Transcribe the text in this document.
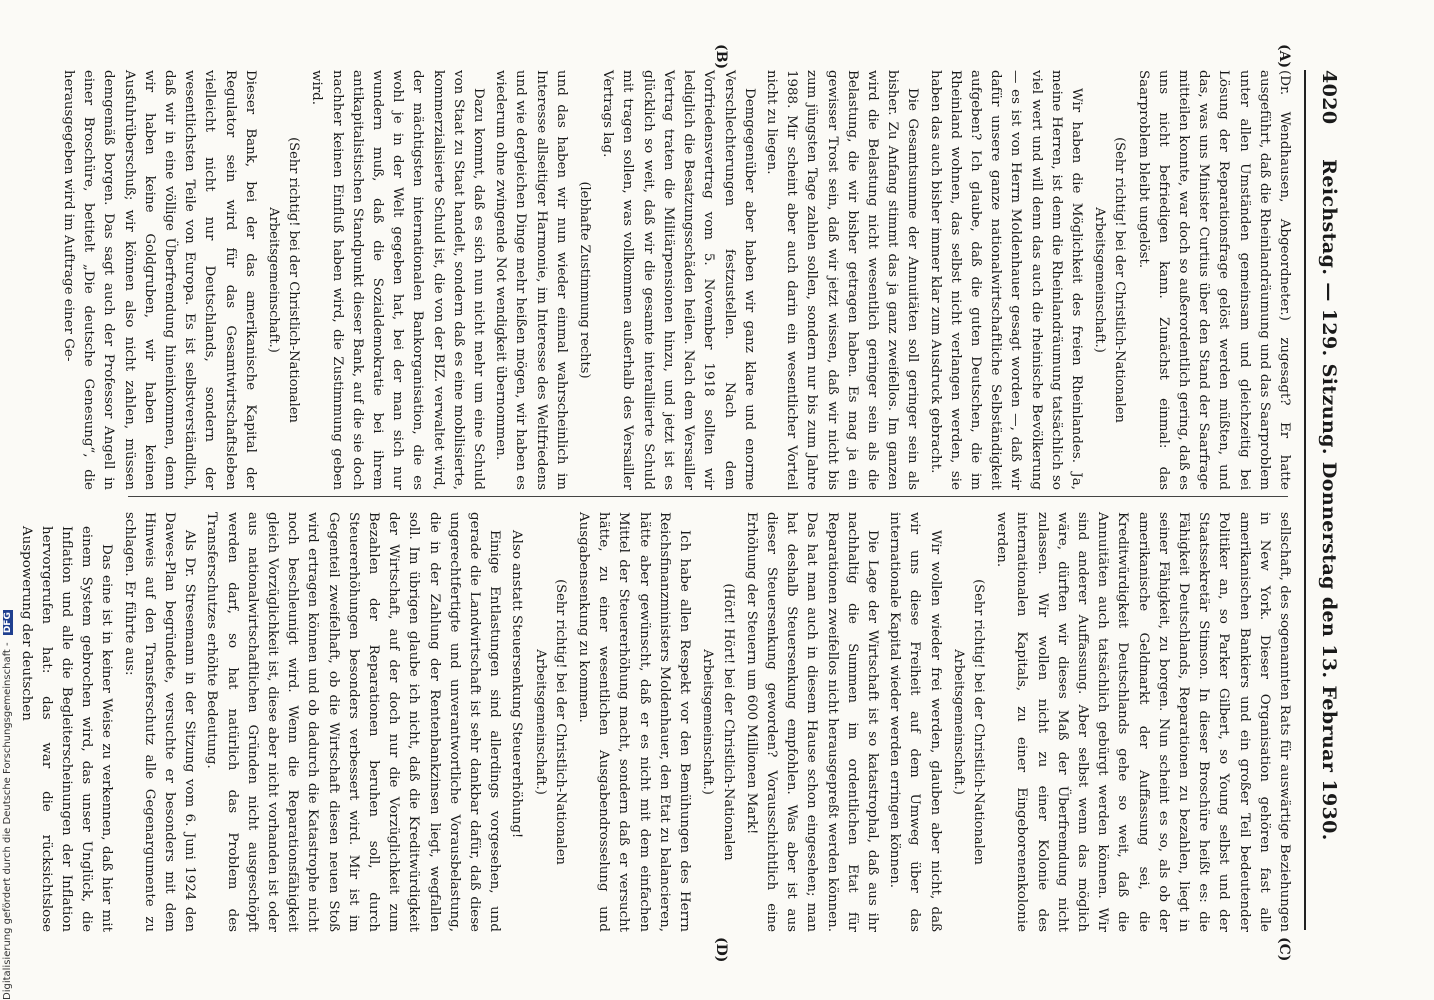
4020
Reichstag. — 129. Sitzung. Donnerstag den 13. Februar 1930.
(A)
(B)
(C)
(D)

(Dr. Wendhausen, Abgeordneter.) zugesagt? Er hatte ausgeführt, daß die Rheinlandräumung und das Saarproblem unter allen Umständen gemeinsam und gleichzeitig bei Lösung der Reparationsfrage gelöst werden müßten, und das, was uns Minister Curtius über den Stand der Saarfrage mitteilen konnte, war doch so außerordentlich gering, daß es uns nicht befriedigen kann. Zunächst einmal: das Saarproblem bleibt ungelöst.

(Sehr richtig! bei der Christlich-Nationalen Arbeitsgemeinschaft.)

Wir haben die Möglichkeit des freien Rheinlandes. Ja, meine Herren, ist denn die Rheinlandräumung tatsächlich so viel wert und will denn das auch die rheinische Bevölkerung — es ist von Herrn Moldenhauer gesagt worden —, daß wir dafür unsere ganze nationalwirtschaftliche Selbständigkeit aufgeben? Ich glaube, daß die guten Deutschen, die im Rheinland wohnen, das selbst nicht verlangen werden, sie haben das auch bisher immer klar zum Ausdruck gebracht.

Die Gesamtsumme der Annuitäten soll geringer sein als bisher. Zu Anfang stimmt das ja ganz zweifellos. Im ganzen wird die Belastung nicht wesentlich geringer sein als die Belastung, die wir bisher getragen haben. Es mag ja ein gewisser Trost sein, daß wir jetzt wissen, daß wir nicht bis zum jüngsten Tage zahlen sollen, sondern nur bis zum Jahre 1988. Mir scheint aber auch darin ein wesentlicher Vorteil nicht zu liegen.

Demgegenüber aber haben wir ganz klare und enorme Verschlechterungen festzustellen. Nach dem Vorfriedensvertrag vom 5. November 1918 sollten wir lediglich die Besatzungsschäden heilen. Nach dem Versailler Vertrag traten die Militärpensionen hinzu, und jetzt ist es glücklich so weit, daß wir die gesamte interalliierte Schuld mit tragen sollen, was vollkommen außerhalb des Versailler Vertrags lag.

(lebhafte Zustimmung rechts)

und das haben wir nun wieder einmal wahrscheinlich im Interesse allseitiger Harmonie, im Interesse des Weltfriedens und wie dergleichen Dinge mehr heißen mögen, wir haben es wiederum ohne zwingende Not wendigkeit übernommen.

Dazu kommt, daß es sich nun nicht mehr um eine Schuld von Staat zu Staat handelt, sondern daß es eine mobilisierte, kommerzialisierte Schuld ist, die von der BIZ. verwaltet wird, der mächtigsten internationalen Bankorganisation, die es wohl je in der Welt gegeben hat, bei der man sich nur wundern muß, daß die Sozialdemokratie bei ihrem antikapitalistischen Standpunkt dieser Bank, auf die sie doch nachher keinen Einfluß haben wird, die Zustimmung geben wird.

(Sehr richtig! bei der Christlich-Nationalen Arbeitsgemeinschaft.)

Dieser Bank, bei der das amerikanische Kapital der Regulator sein wird für das Gesamtwirtschaftsleben vielleicht nicht nur Deutschlands, sondern der wesentlichsten Teile von Europa. Es ist selbstverständlich, daß wir in eine völlige Überfremdung hineinkommen, denn wir haben keine Goldgruben, wir haben keinen Ausfuhrüberschuß; wir können also nicht zahlen, müssen demgemäß borgen. Das sagt auch der Professor Angell in einer Broschüre, betitelt „Die deutsche Genesung“, die herausgegeben wird im Auftrage einer Ge-

sellschaft, des sogenannten Rats für auswärtige Beziehungen in New York. Dieser Organisation gehören fast alle amerikanischen Bankiers und ein großer Teil bedeutender Politiker an, so Parker Gilbert, so Young selbst und der Staatssekretär Stimson. In dieser Broschüre heißt es: die Fähigkeit Deutschlands, Reparationen zu bezahlen, liegt in seiner Fähigkeit, zu borgen. Nun scheint es so, als ob der amerikanische Geldmarkt der Auffassung sei, die Kreditwürdigkeit Deutschlands gehe so weit, daß die Annuitäten auch tatsächlich gebürgt werden können. Wir sind anderer Auffassung. Aber selbst wenn das möglich wäre, dürften wir dieses Maß der Überfremdung nicht zulassen. Wir wollen nicht zu einer Kolonie des internationalen Kapitals, zu einer Eingeborenenkolonie werden.

(Sehr richtig! bei der Christlich-Nationalen Arbeitsgemeinschaft.)

Wir wollen wieder frei werden, glauben aber nicht, daß wir uns diese Freiheit auf dem Umweg über das internationale Kapital wieder werden erringen können.

Die Lage der Wirtschaft ist so katastrophal, daß aus ihr nachhaltig die Summen im ordentlichen Etat für Reparationen zweifellos nicht herausgepreßt werden können. Das hat man auch in diesem Hause schon eingesehen; man hat deshalb Steuersenkung empfohlen. Was aber ist aus dieser Steuersenkung geworden? Vorausschichtlich eine Erhöhung der Steuern um 600 Millionen Mark!

(Hört! Hört! bei der Christlich-Nationalen Arbeitsgemeinschaft.)

Ich habe allen Respekt vor den Bemühungen des Herrn Reichsfinanzministers Moldenhauer, den Etat zu balancieren, hätte aber gewünscht, daß er es nicht mit dem einfachen Mittel der Steuererhöhung macht, sondern daß er versucht hätte, zu einer wesentlichen Ausgabendrosselung und Ausgabensenkung zu kommen.

(Sehr richtig! bei der Christlich-Nationalen Arbeitsgemeinschaft.)

Also anstatt Steuersenkung Steuererhöhung!

Einige Entlastungen sind allerdings vorgesehen, und gerade die Landwirtschaft ist sehr dankbar dafür, daß diese ungerechtfertigte und unverantwortliche Vorausbelastung, die in der Zahlung der Rentenbankzinsen liegt, wegfallen soll. Im übrigen glaube ich nicht, daß die Kreditwürdigkeit der Wirtschaft, auf der doch nur die Vorzüglichkeit zum Bezahlen der Reparationen beruhen soll, durch Steuererhöhungen besonders verbessert wird. Mir ist im Gegenteil zweifelhaft, ob die Wirtschaft diesen neuen Stoß wird ertragen können und ob dadurch die Katastrophe nicht noch beschleunigt wird. Wenn die Reparationsfähigkeit gleich Vorzüglichkeit ist, diese aber nicht vorhanden ist oder aus nationalwirtschaftlichen Gründen nicht ausgeschöpft werden darf, so hat natürlich das Problem des Transferschutzes erhöhte Bedeutung.

Als Dr. Stresemann in der Sitzung vom 6. Juni 1924 den Dawes-Plan begründete, versuchte er besonders mit dem Hinweis auf den Transferschutz alle Gegenargumente zu schlagen. Er führte aus:

Das eine ist in keiner Weise zu verkennen, daß hier mit einem System gebrochen wird, das unser Unglück, die Inflation und alle die Begleiterscheinungen der Inflation hervorgerufen hat: das war die rücksichtslose Auspowerung der deutschen

Digitalisierung gefördert durch die Deutsche Forschungsgemeinschaft - DFG
